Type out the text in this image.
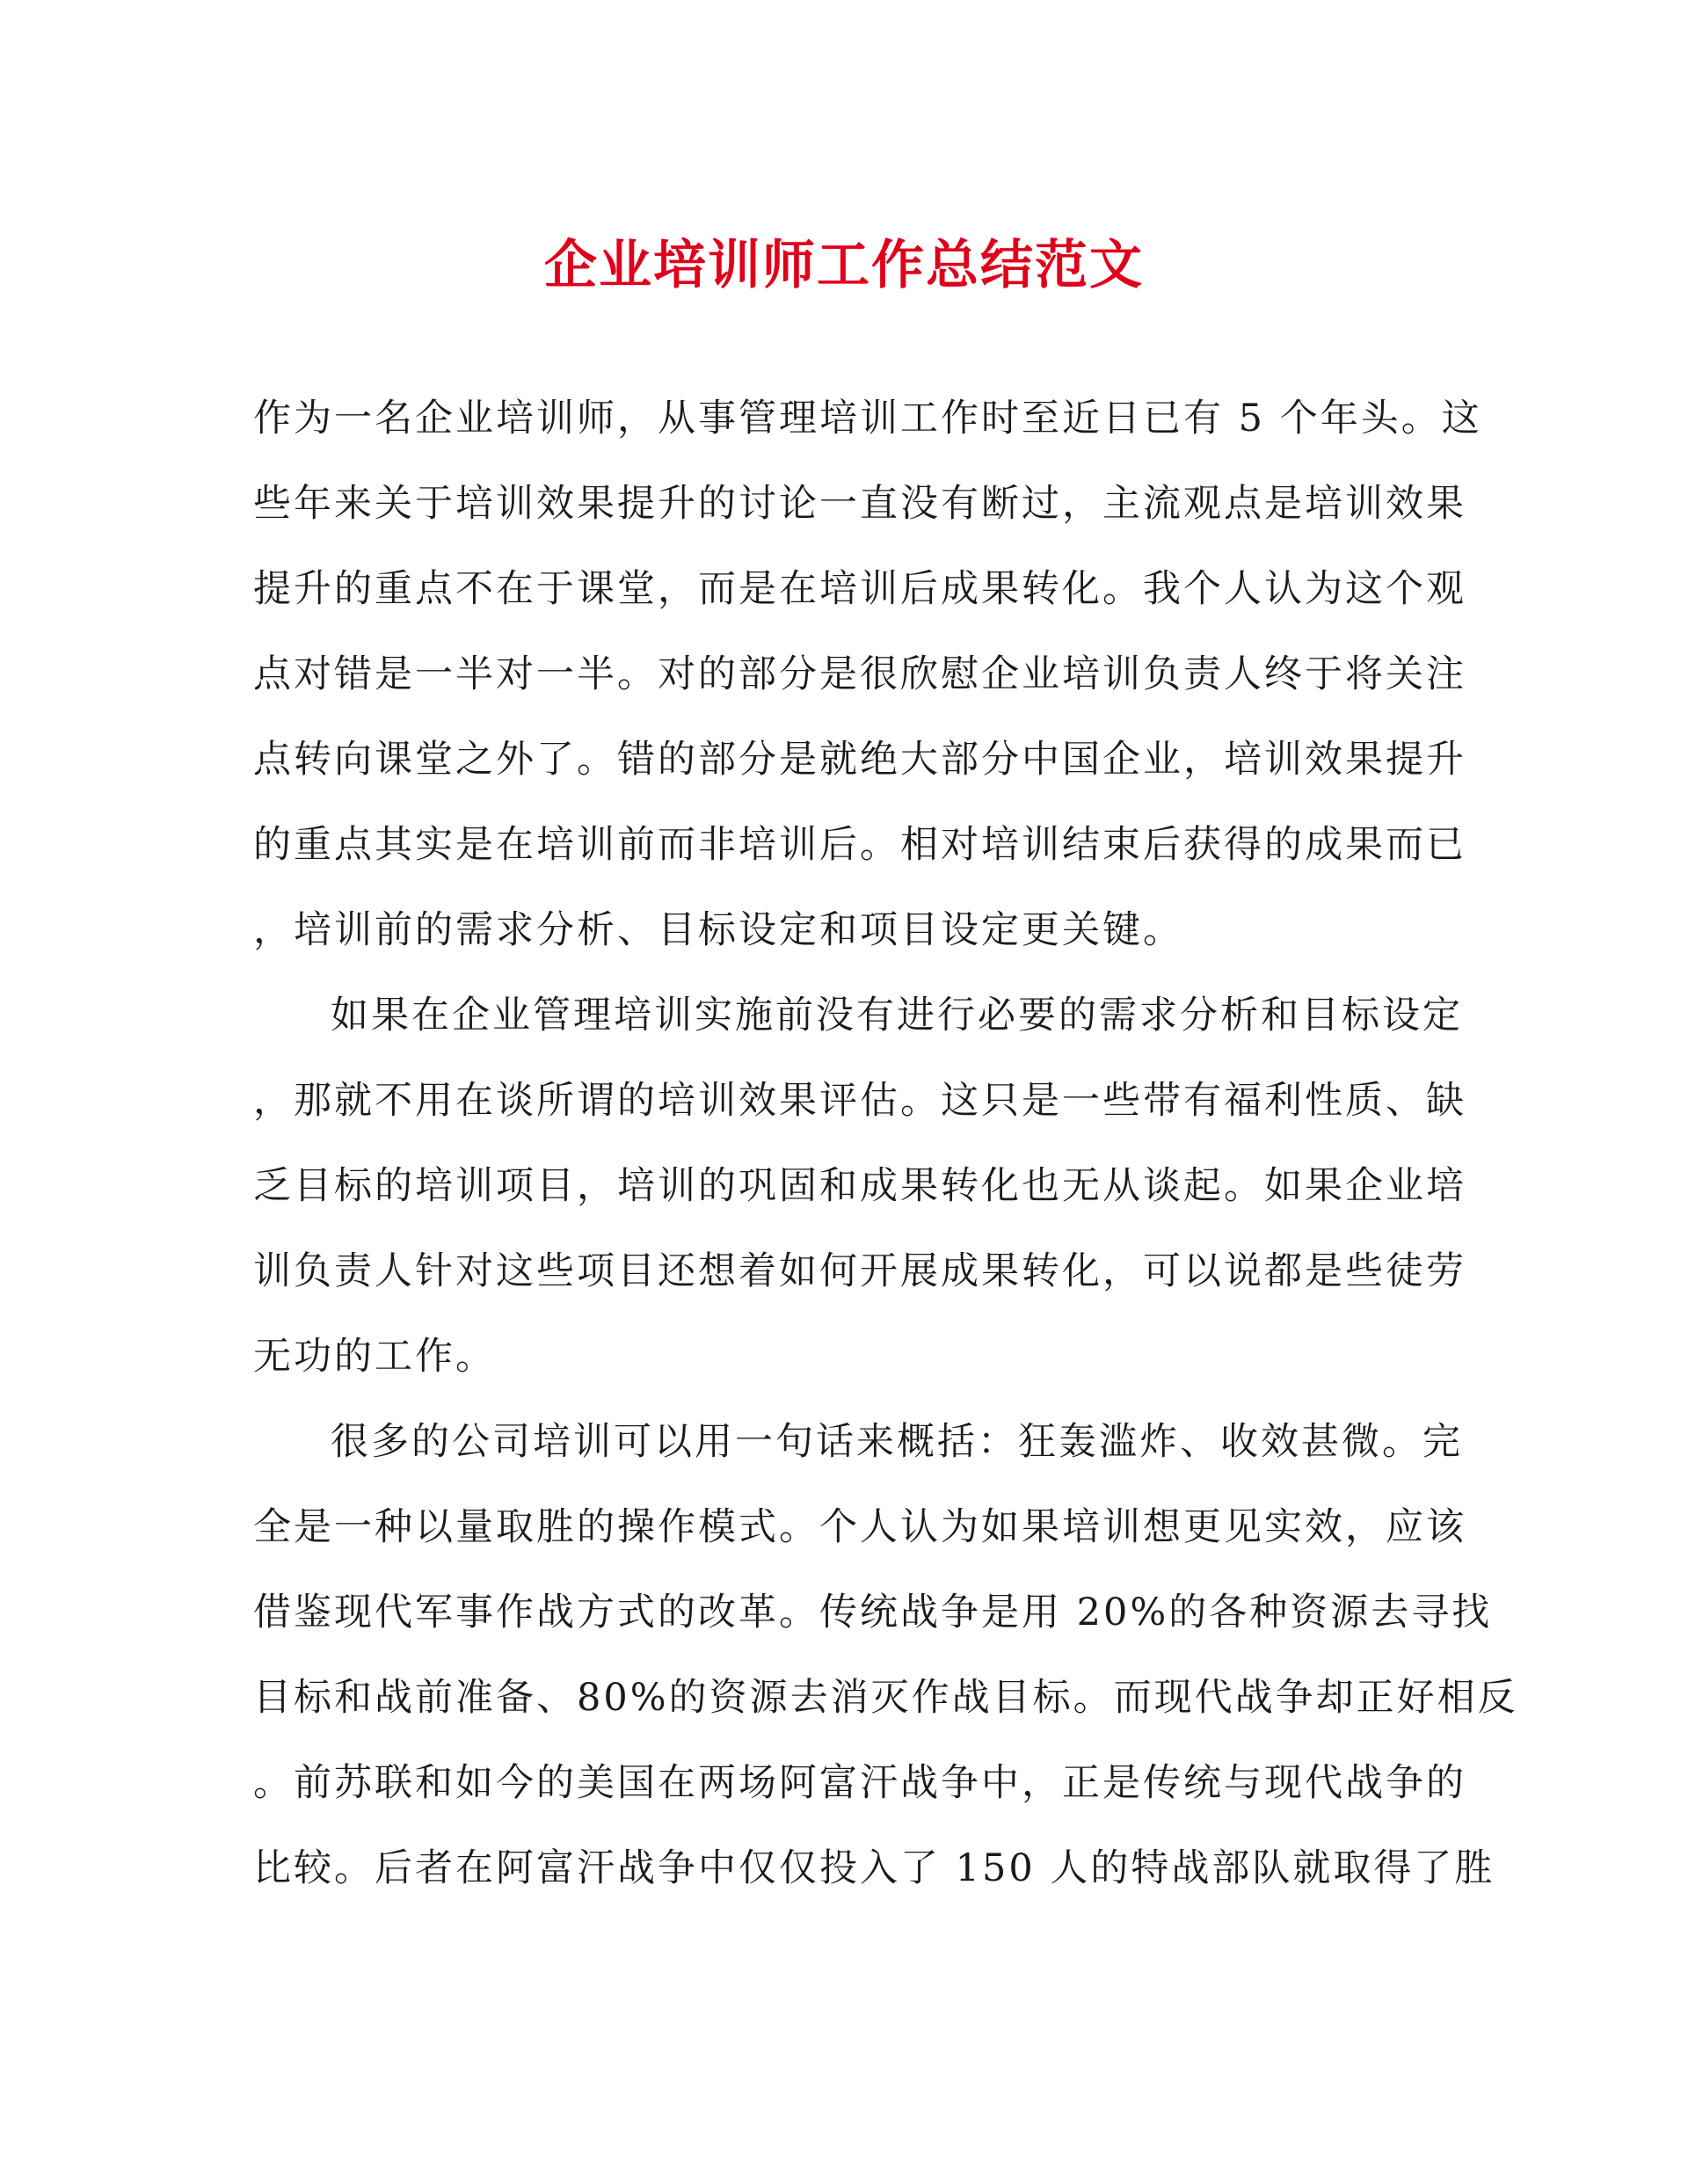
企业培训师工作总结范文
作为一名企业培训师，从事管理培训工作时至近日已有 5 个年头。这
些年来关于培训效果提升的讨论一直没有断过，主流观点是培训效果
提升的重点不在于课堂，而是在培训后成果转化。我个人认为这个观
点对错是一半对一半。对的部分是很欣慰企业培训负责人终于将关注
点转向课堂之外了。错的部分是就绝大部分中国企业，培训效果提升
的重点其实是在培训前而非培训后。相对培训结束后获得的成果而已
，培训前的需求分析、目标设定和项目设定更关键。
如果在企业管理培训实施前没有进行必要的需求分析和目标设定
，那就不用在谈所谓的培训效果评估。这只是一些带有福利性质、缺
乏目标的培训项目，培训的巩固和成果转化也无从谈起。如果企业培
训负责人针对这些项目还想着如何开展成果转化，可以说都是些徒劳
无功的工作。
很多的公司培训可以用一句话来概括：狂轰滥炸、收效甚微。完
全是一种以量取胜的操作模式。个人认为如果培训想更见实效，应该
借鉴现代军事作战方式的改革。传统战争是用 20%的各种资源去寻找
目标和战前准备、80%的资源去消灭作战目标。而现代战争却正好相反
。前苏联和如今的美国在两场阿富汗战争中，正是传统与现代战争的
比较。后者在阿富汗战争中仅仅投入了 150 人的特战部队就取得了胜
